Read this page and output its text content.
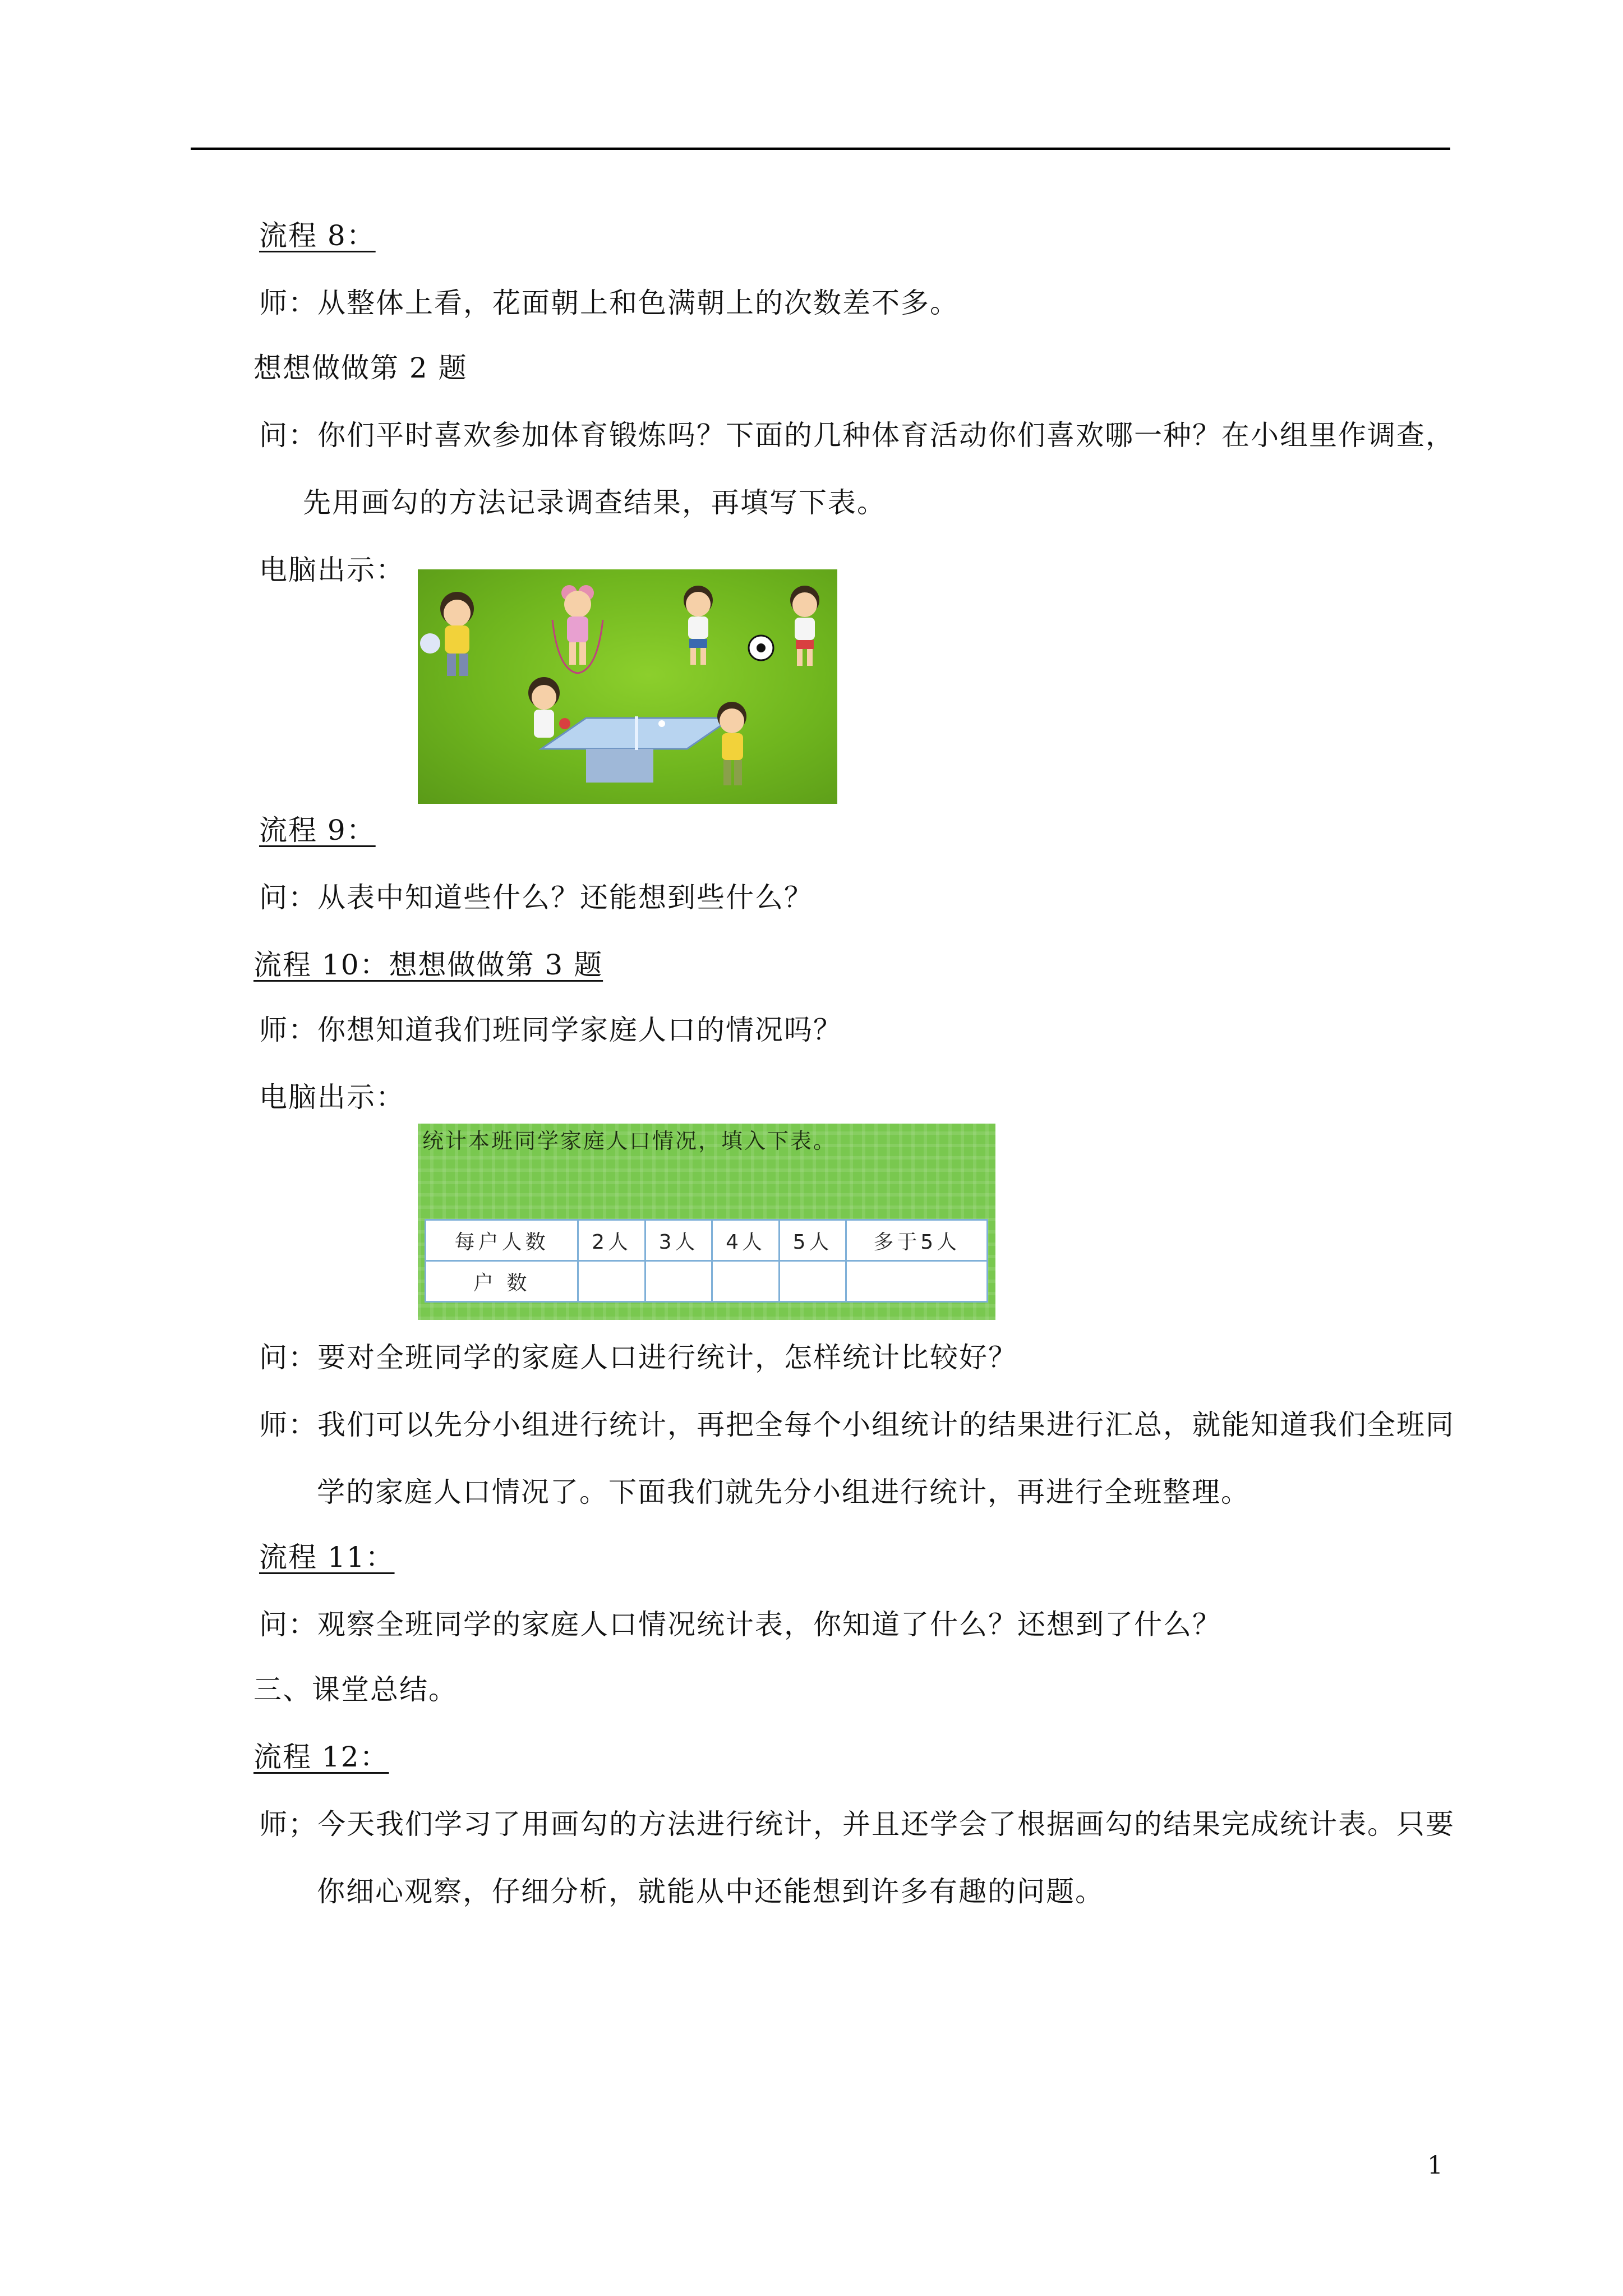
流程 8：
师：从整体上看，花面朝上和色满朝上的次数差不多。
想想做做第 2 题
问：你们平时喜欢参加体育锻炼吗？下面的几种体育活动你们喜欢哪一种？在小组里作调查，
先用画勾的方法记录调查结果，再填写下表。
电脑出示：
流程 9：
问：从表中知道些什么？还能想到些什么？
流程 10：想想做做第 3 题
师：你想知道我们班同学家庭人口的情况吗？
电脑出示：
统计本班同学家庭人口情况，填入下表。
每户人数	2人	3人	4人	5人	多于5人
户 数					
问：要对全班同学的家庭人口进行统计，怎样统计比较好？
师：我们可以先分小组进行统计，再把全每个小组统计的结果进行汇总，就能知道我们全班同
学的家庭人口情况了。下面我们就先分小组进行统计，再进行全班整理。
流程 11：
问：观察全班同学的家庭人口情况统计表，你知道了什么？还想到了什么？
三、课堂总结。
流程 12：
师；今天我们学习了用画勾的方法进行统计，并且还学会了根据画勾的结果完成统计表。只要
你细心观察，仔细分析，就能从中还能想到许多有趣的问题。
1
